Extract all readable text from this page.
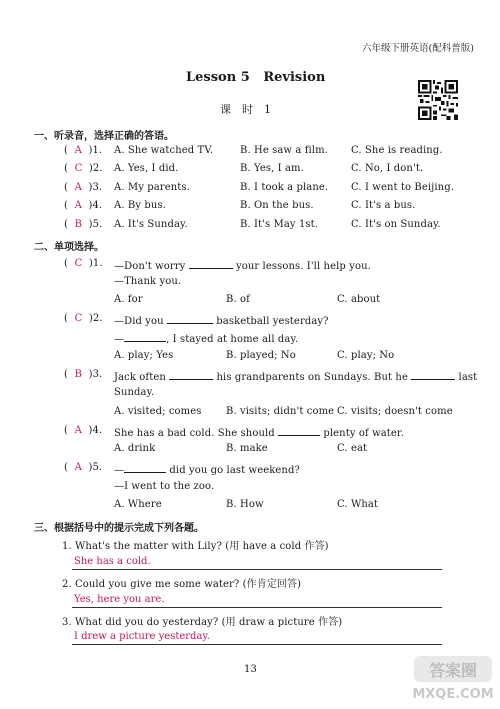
六年级下册英语(配科普版)
Lesson 5 Revision
课　时　1
一、听录音，选择正确的答语。
(  A  )1. A. She watched TV.	B. He saw a film. C. She is reading.
(  C  )2. A. Yes, I did.	B. Yes, I am.	C. No, I don't.
(  A  )3. A. My parents.	B. I took a plane. C. I went to Beijing.
(  A  )4. A. By bus.	B. On the bus.	C. It's a bus.
(  B  )5. A. It's Sunday.	B. It's May 1st.	C. It's on Sunday.
二、单项选择。
(  C  )1. —Don't worry	your lessons. I'll help you.
—Thank you.
A. for	B. of	C. about
(  C  )2. —Did you	basketball yesterday?
—	, I stayed at home all day.
A. play; Yes	B. played; No	C. play; No
(  B  )3. Jack often	his grandparents on Sundays. But he	last
Sunday.
A. visited; comes B. visits; didn't come C. visits; doesn't come
(  A  )4. She has a bad cold. She should	plenty of water.
A. drink	B. make	C. eat
(  A  )5. —	did you go last weekend?
—I went to the zoo.
A. Where	B. How	C. What
三、根据括号中的提示完成下列各题。
1. What's the matter with Lily? (用 have a cold 作答)
She has a cold.
2. Could you give me some water? (作肯定回答)
Yes, here you are.
3. What did you do yesterday? (用 draw a picture 作答)
I drew a picture yesterday.
13	答案圈
MXQE.COM
